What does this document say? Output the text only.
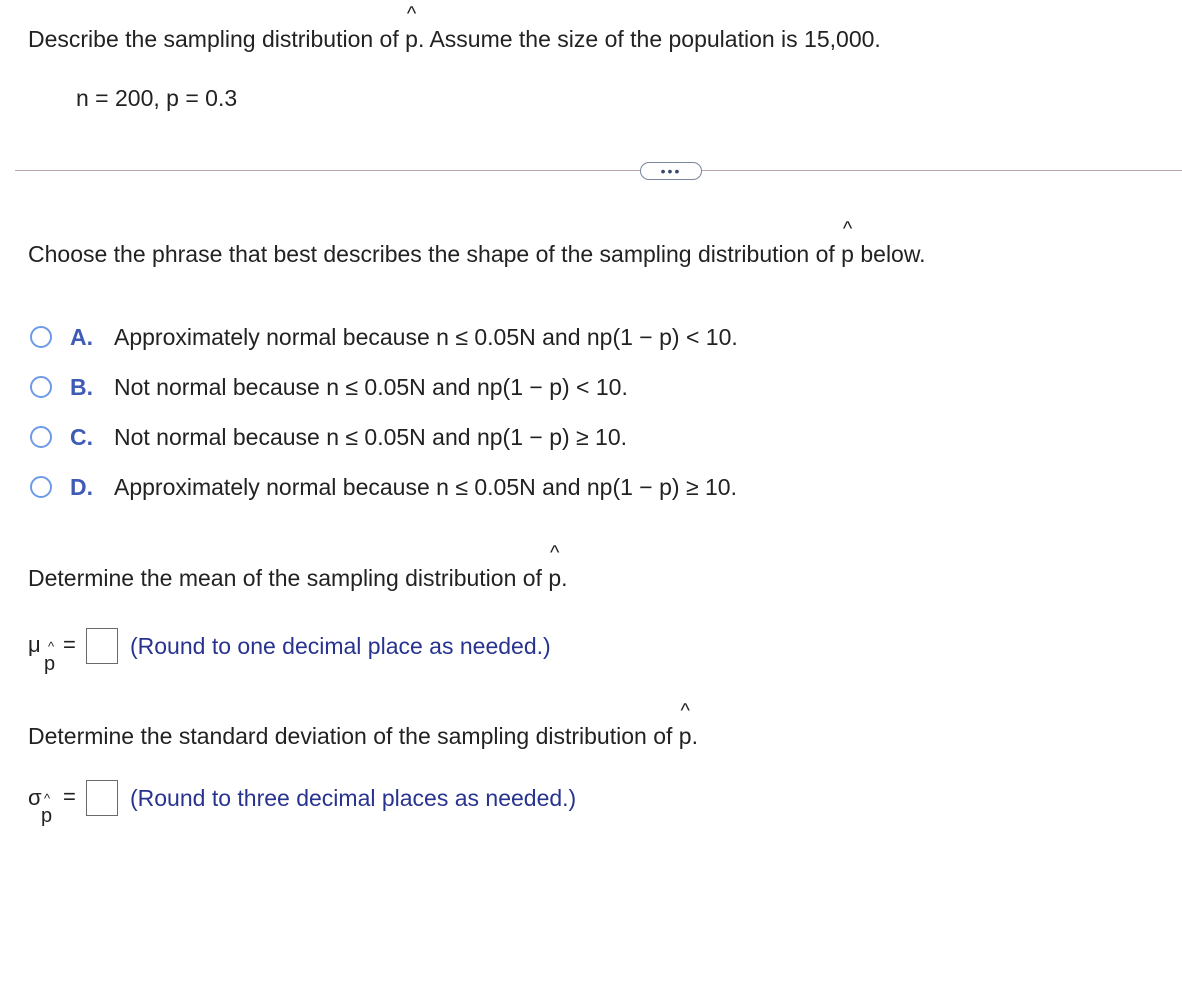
Describe the sampling distribution of ^ p. Assume the size of the population is 15,000.
n = 200, p = 0.3
•••
Choose the phrase that best describes the shape of the sampling distribution of ^ p below.
A. Approximately normal because n ≤ 0.05N and np(1 − p) < 10.
B. Not normal because n ≤ 0.05N and np(1 − p) < 10.
C. Not normal because n ≤ 0.05N and np(1 − p) ≥ 10.
D. Approximately normal because n ≤ 0.05N and np(1 − p) ≥ 10.
Determine the mean of the sampling distribution of ^ p.
μ ^
p
= (Round to one decimal place as needed.)
Determine the standard deviation of the sampling distribution of ^ p.
σ ^
p
= (Round to three decimal places as needed.)
